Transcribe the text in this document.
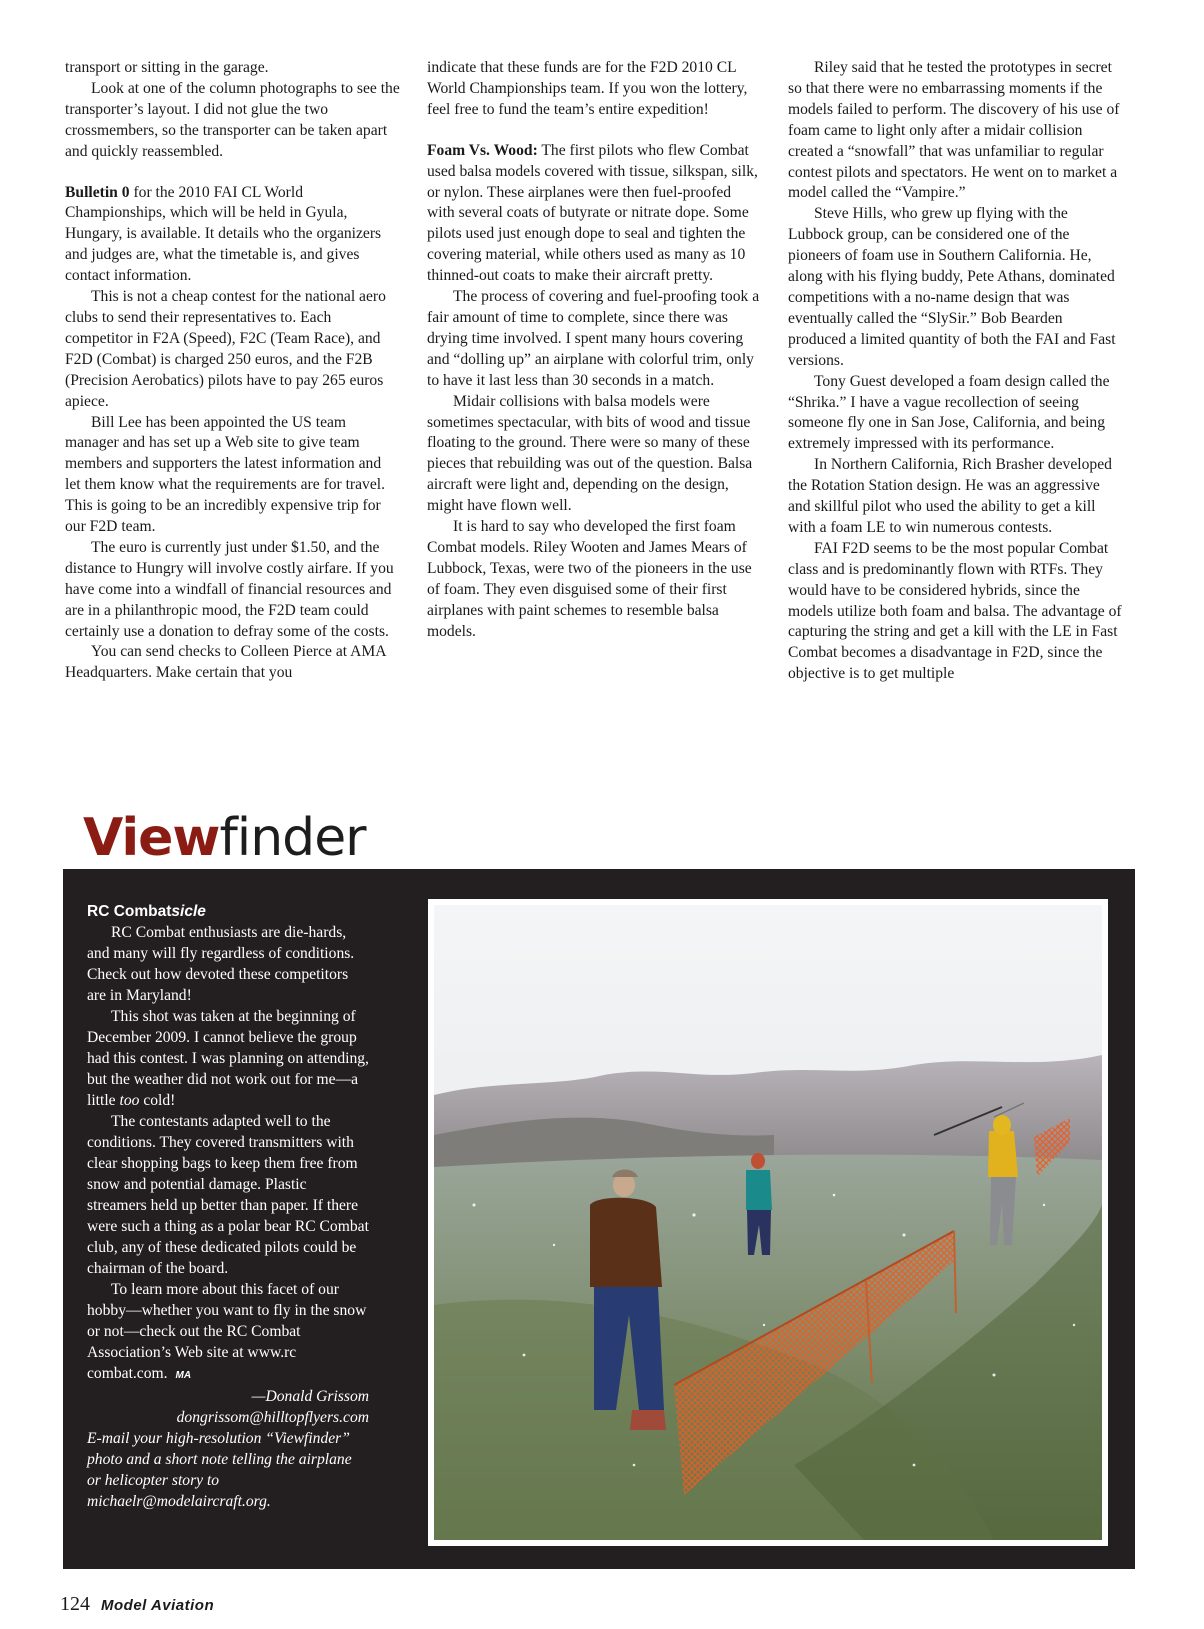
transport or sitting in the garage.

Look at one of the column photographs to see the transporter’s layout. I did not glue the two crossmembers, so the transporter can be taken apart and quickly reassembled.

Bulletin 0 for the 2010 FAI CL World Championships, which will be held in Gyula, Hungary, is available. It details who the organizers and judges are, what the timetable is, and gives contact information.

This is not a cheap contest for the national aero clubs to send their representatives to. Each competitor in F2A (Speed), F2C (Team Race), and F2D (Combat) is charged 250 euros, and the F2B (Precision Aerobatics) pilots have to pay 265 euros apiece.

Bill Lee has been appointed the US team manager and has set up a Web site to give team members and supporters the latest information and let them know what the requirements are for travel. This is going to be an incredibly expensive trip for our F2D team.

The euro is currently just under $1.50, and the distance to Hungry will involve costly airfare. If you have come into a windfall of financial resources and are in a philanthropic mood, the F2D team could certainly use a donation to defray some of the costs.

You can send checks to Colleen Pierce at AMA Headquarters. Make certain that you

indicate that these funds are for the F2D 2010 CL World Championships team. If you won the lottery, feel free to fund the team’s entire expedition!

Foam Vs. Wood: The first pilots who flew Combat used balsa models covered with tissue, silkspan, silk, or nylon. These airplanes were then fuel-proofed with several coats of butyrate or nitrate dope. Some pilots used just enough dope to seal and tighten the covering material, while others used as many as 10 thinned-out coats to make their aircraft pretty.

The process of covering and fuel-proofing took a fair amount of time to complete, since there was drying time involved. I spent many hours covering and “dolling up” an airplane with colorful trim, only to have it last less than 30 seconds in a match.

Midair collisions with balsa models were sometimes spectacular, with bits of wood and tissue floating to the ground. There were so many of these pieces that rebuilding was out of the question. Balsa aircraft were light and, depending on the design, might have flown well.

It is hard to say who developed the first foam Combat models. Riley Wooten and James Mears of Lubbock, Texas, were two of the pioneers in the use of foam. They even disguised some of their first airplanes with paint schemes to resemble balsa models.

Riley said that he tested the prototypes in secret so that there were no embarrassing moments if the models failed to perform. The discovery of his use of foam came to light only after a midair collision created a “snowfall” that was unfamiliar to regular contest pilots and spectators. He went on to market a model called the “Vampire.”

Steve Hills, who grew up flying with the Lubbock group, can be considered one of the pioneers of foam use in Southern California. He, along with his flying buddy, Pete Athans, dominated competitions with a no-name design that was eventually called the “SlySir.” Bob Bearden produced a limited quantity of both the FAI and Fast versions.

Tony Guest developed a foam design called the “Shrika.” I have a vague recollection of seeing someone fly one in San Jose, California, and being extremely impressed with its performance.

In Northern California, Rich Brasher developed the Rotation Station design. He was an aggressive and skillful pilot who used the ability to get a kill with a foam LE to win numerous contests.

FAI F2D seems to be the most popular Combat class and is predominantly flown with RTFs. They would have to be considered hybrids, since the models utilize both foam and balsa. The advantage of capturing the string and get a kill with the LE in Fast Combat becomes a disadvantage in F2D, since the objective is to get multiple

Viewfinder

RC Combatsicle

RC Combat enthusiasts are die-hards, and many will fly regardless of conditions. Check out how devoted these competitors are in Maryland!

This shot was taken at the beginning of December 2009. I cannot believe the group had this contest. I was planning on attending, but the weather did not work out for me—a little too cold!

The contestants adapted well to the conditions. They covered transmitters with clear shopping bags to keep them free from snow and potential damage. Plastic streamers held up better than paper. If there were such a thing as a polar bear RC Combat club, any of these dedicated pilots could be chairman of the board.

To learn more about this facet of our hobby—whether you want to fly in the snow or not—check out the RC Combat Association’s Web site at www.rc combat.com. MA

—Donald Grissom

dongrissom@hilltopflyers.com

E-mail your high-resolution “Viewfinder” photo and a short note telling the airplane or helicopter story to michaelr@modelaircraft.org.

124 Model Aviation
